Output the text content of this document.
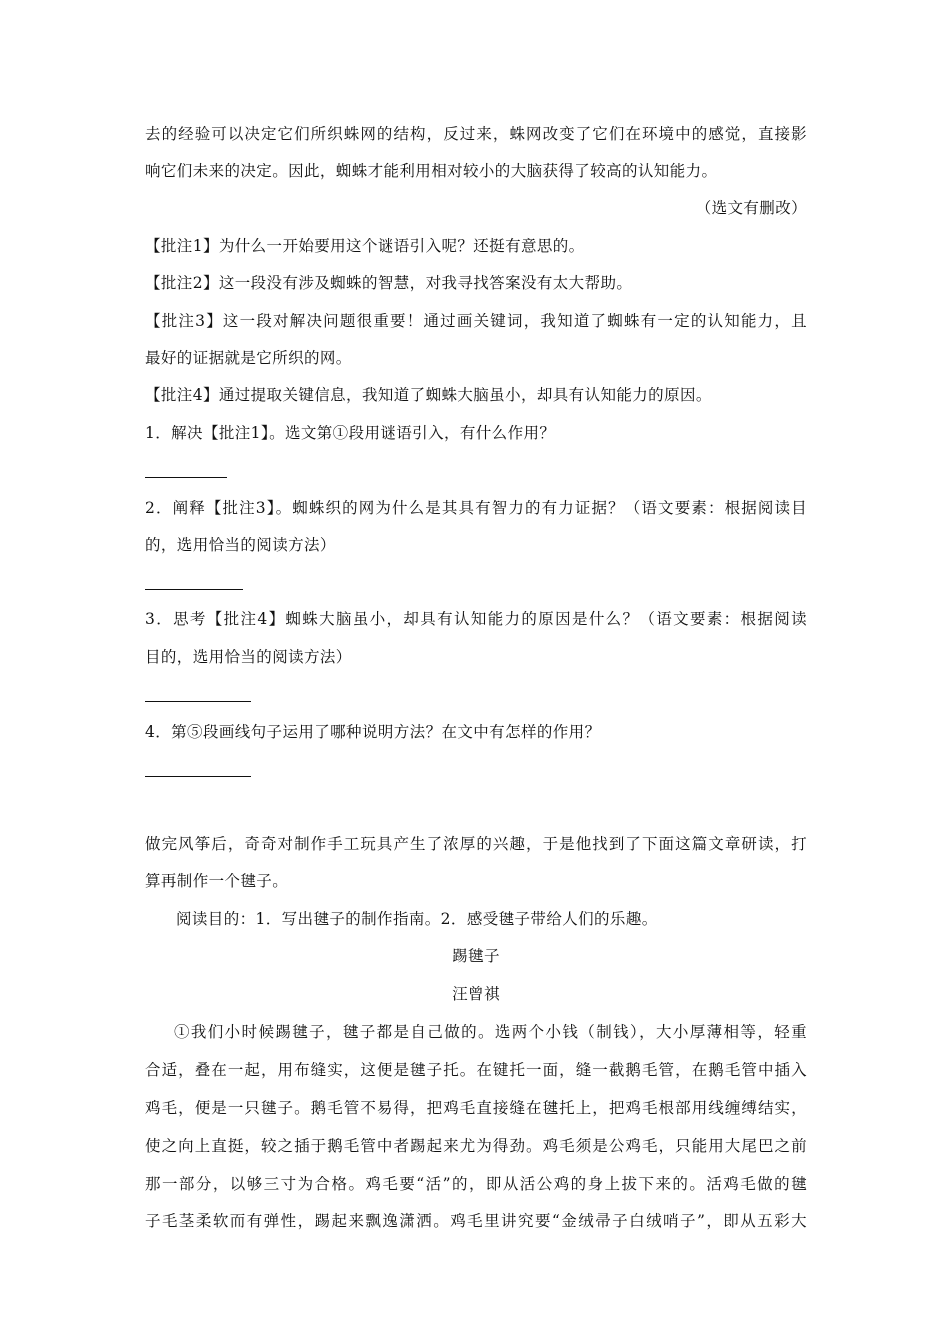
去的经验可以决定它们所织蛛网的结构，反过来，蛛网改变了它们在环境中的感觉，直接影
响它们未来的决定。因此，蜘蛛才能利用相对较小的大脑获得了较高的认知能力。
（选文有删改）
【批注1】为什么一开始要用这个谜语引入呢？还挺有意思的。
【批注2】这一段没有涉及蜘蛛的智慧，对我寻找答案没有太大帮助。
【批注3】这一段对解决问题很重要！通过画关键词，我知道了蜘蛛有一定的认知能力，且
最好的证据就是它所织的网。
【批注4】通过提取关键信息，我知道了蜘蛛大脑虽小，却具有认知能力的原因。
1．解决【批注1】。选文第①段用谜语引入，有什么作用？
2．阐释【批注3】。蜘蛛织的网为什么是其具有智力的有力证据？（语文要素：根据阅读目
的，选用恰当的阅读方法）
3．思考【批注4】蜘蛛大脑虽小，却具有认知能力的原因是什么？（语文要素：根据阅读
目的，选用恰当的阅读方法）
4．第⑤段画线句子运用了哪种说明方法？在文中有怎样的作用？
做完风筝后，奇奇对制作手工玩具产生了浓厚的兴趣，于是他找到了下面这篇文章研读，打
算再制作一个毽子。
阅读目的：1．写出毽子的制作指南。2．感受毽子带给人们的乐趣。
踢毽子
汪曾祺
①我们小时候踢毽子，毽子都是自己做的。选两个小钱（制钱），大小厚薄相等，轻重
合适，叠在一起，用布缝实，这便是毽子托。在键托一面，缝一截鹅毛管，在鹅毛管中插入
鸡毛，便是一只毽子。鹅毛管不易得，把鸡毛直接缝在毽托上，把鸡毛根部用线缠缚结实，
使之向上直挺，较之插于鹅毛管中者踢起来尤为得劲。鸡毛须是公鸡毛，只能用大尾巴之前
那一部分，以够三寸为合格。鸡毛要“活”的，即从活公鸡的身上拔下来的。活鸡毛做的毽
子毛茎柔软而有弹性，踢起来飘逸潇洒。鸡毛里讲究要“金绒帚子白绒哨子”，即从五彩大
